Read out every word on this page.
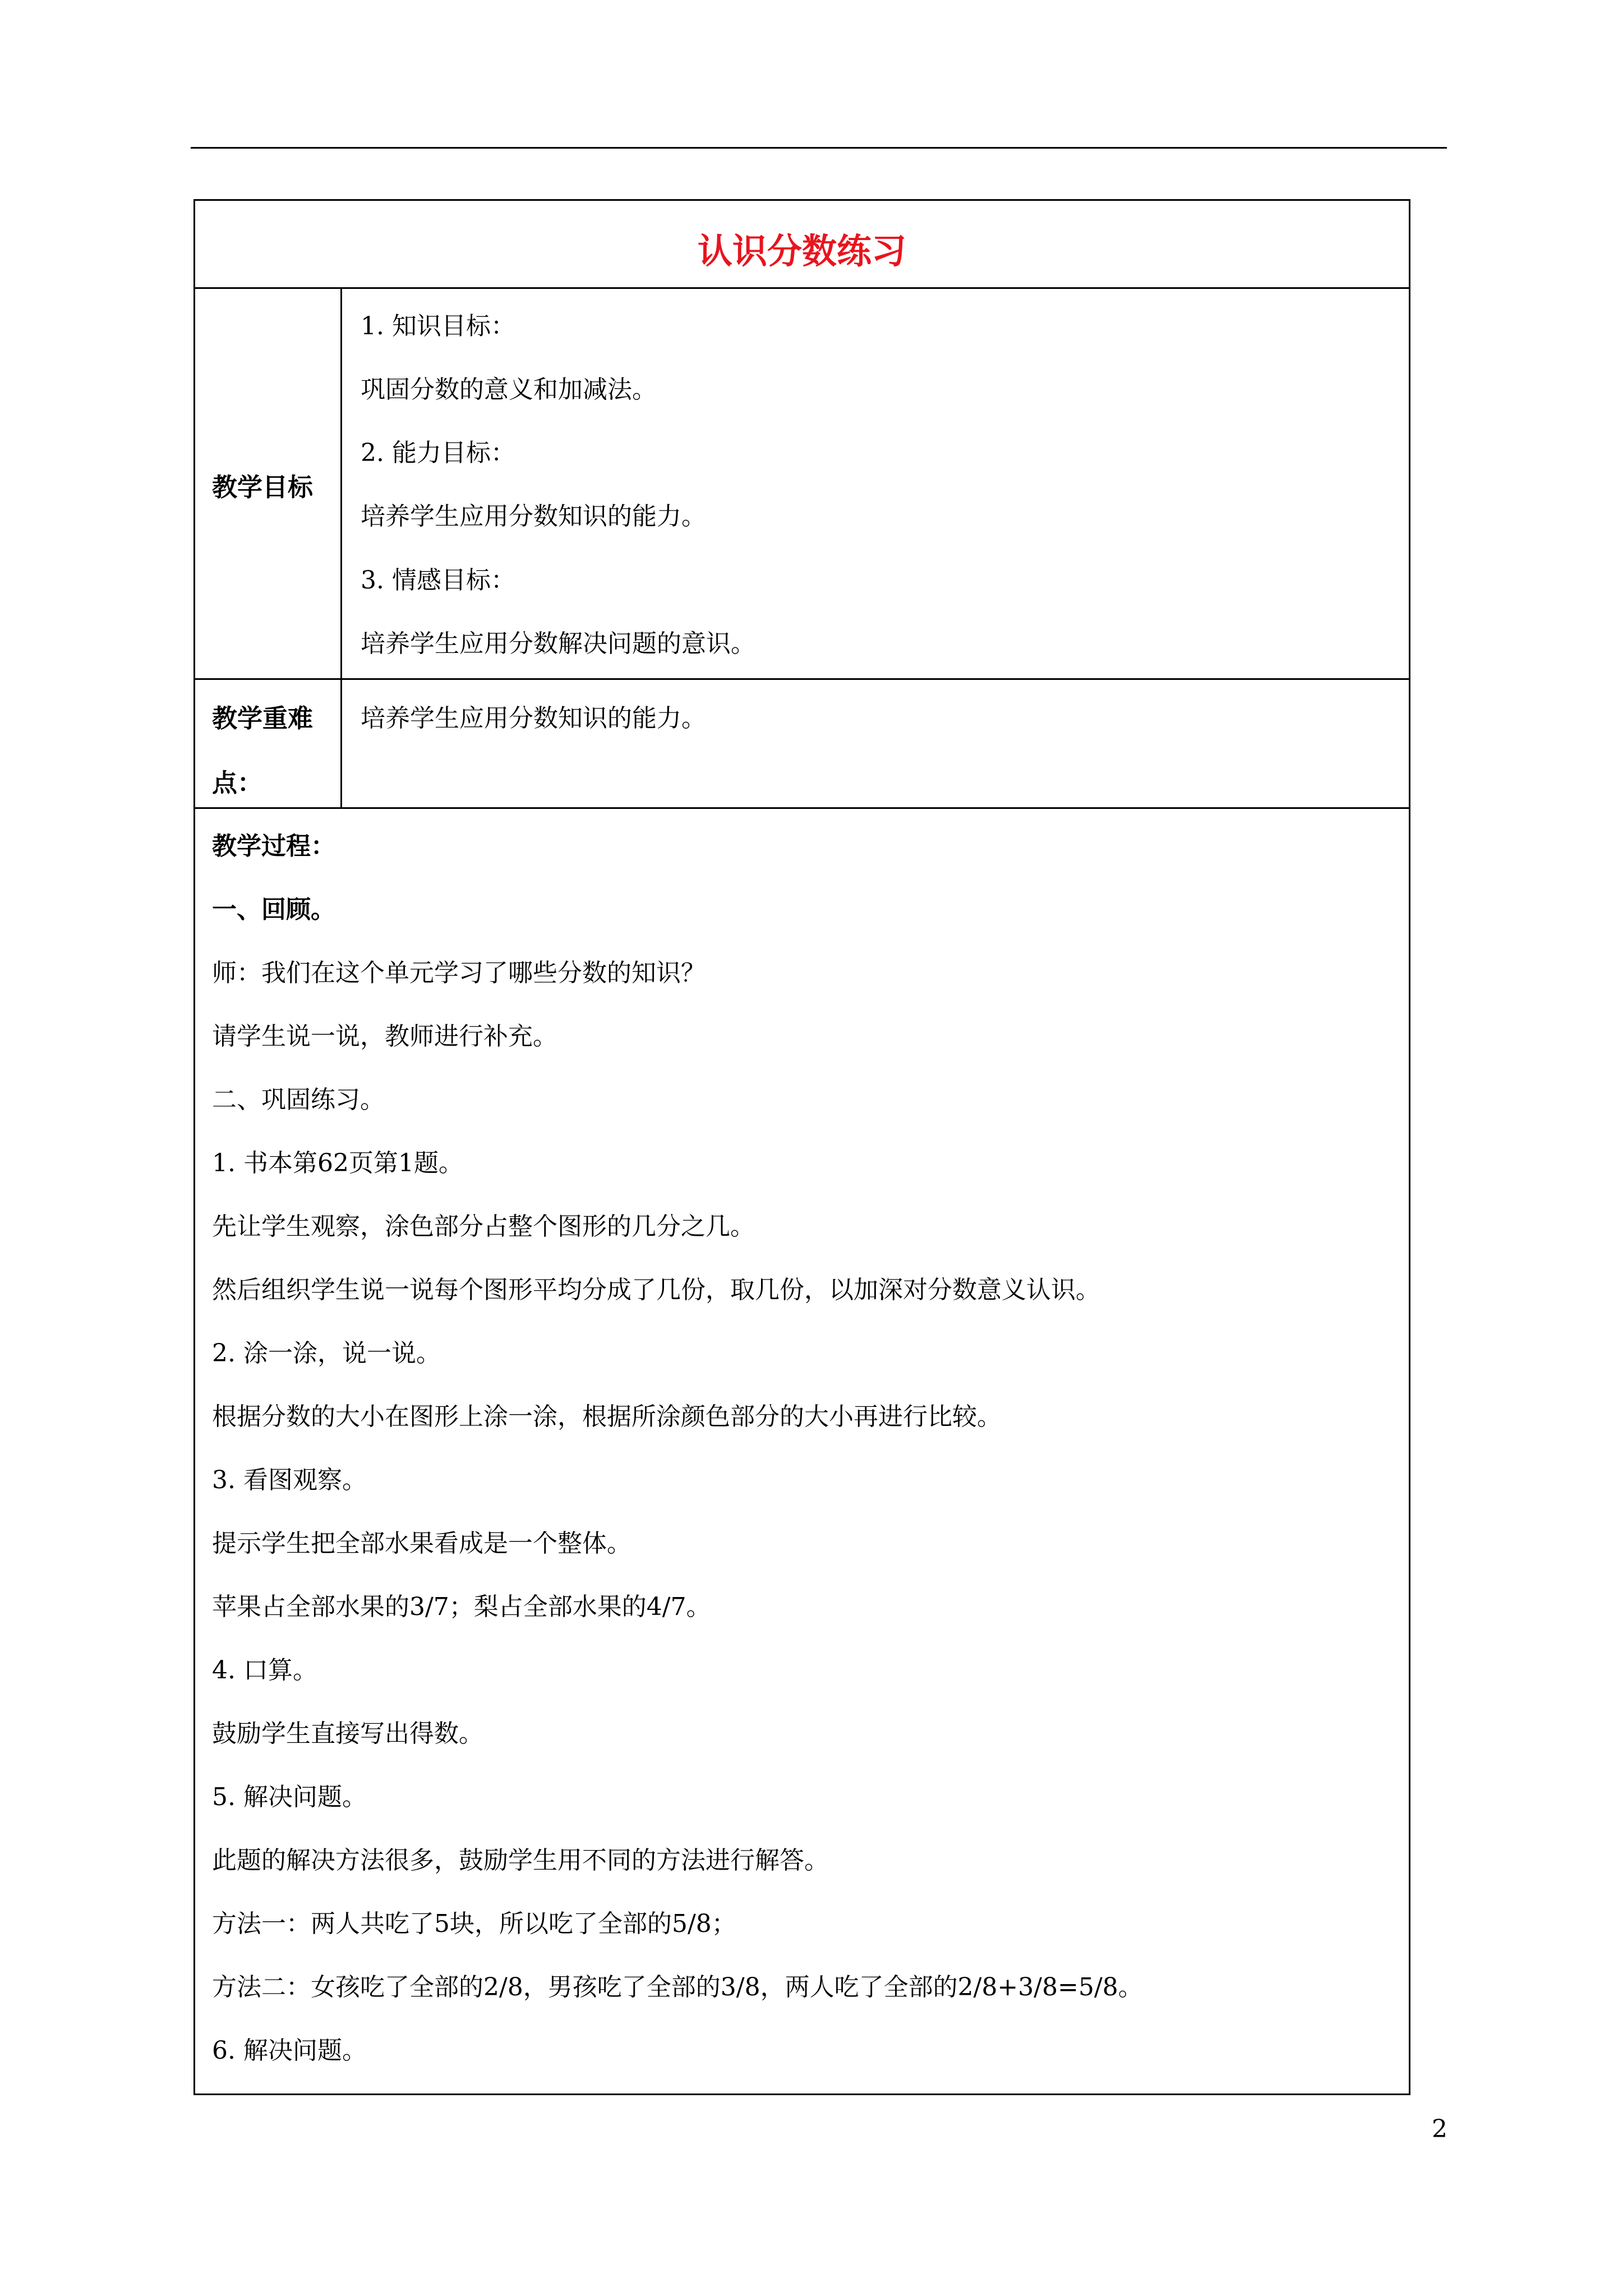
认识分数练习
教学目标
1. 知识目标：
巩固分数的意义和加减法。
2. 能力目标：
培养学生应用分数知识的能力。
3. 情感目标：
培养学生应用分数解决问题的意识。
教学重难
点：
培养学生应用分数知识的能力。
教学过程：
一、回顾。
师：我们在这个单元学习了哪些分数的知识？
请学生说一说，教师进行补充。
二、巩固练习。
1. 书本第62页第1题。
先让学生观察，涂色部分占整个图形的几分之几。
然后组织学生说一说每个图形平均分成了几份，取几份，以加深对分数意义认识。
2. 涂一涂，说一说。
根据分数的大小在图形上涂一涂，根据所涂颜色部分的大小再进行比较。
3. 看图观察。
提示学生把全部水果看成是一个整体。
苹果占全部水果的3/7；梨占全部水果的4/7。
4. 口算。
鼓励学生直接写出得数。
5. 解决问题。
此题的解决方法很多，鼓励学生用不同的方法进行解答。
方法一：两人共吃了5块，所以吃了全部的5/8；
方法二：女孩吃了全部的2/8，男孩吃了全部的3/8，两人吃了全部的2/8+3/8=5/8。
6. 解决问题。
2
